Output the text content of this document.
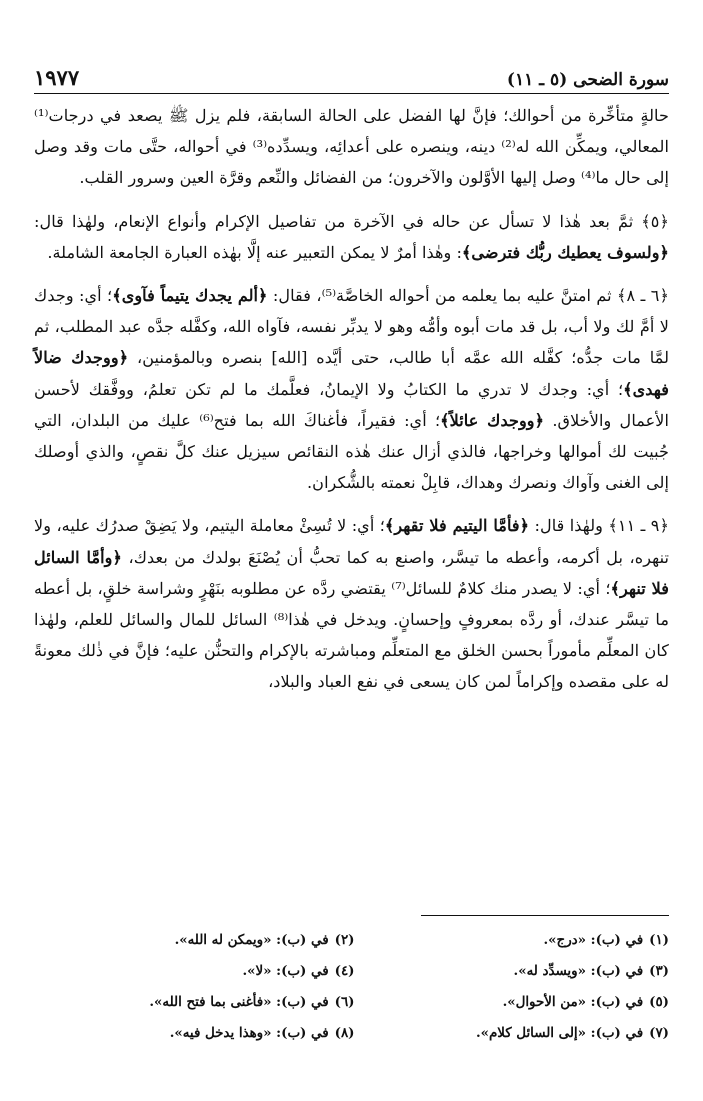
١٩٧٧	سورة الضحى (٥ ـ ١١)

حالةٍ متأخِّرة من أحوالك؛ فإنَّ لها الفضل على الحالة السابقة، فلم يزل ﷺ يصعد في درجات⁽¹⁾ المعالي، ويمكِّن الله له⁽²⁾ دينه، وينصره على أعدائِه، ويسدِّده⁽³⁾ في أحواله، حتَّى مات وقد وصل إلى حال ما⁽⁴⁾ وصل إليها الأوَّلون والآخرون؛ من الفضائل والنِّعم وقرَّة العين وسرور القلب.

﴿٥﴾ ثمَّ بعد هٰذا لا تسأل عن حاله في الآخرة من تفاصيل الإكرام وأنواع الإنعام، ولهٰذا قال: ﴿ولسوف يعطيك ربُّك فترضى﴾: وهٰذا أمرٌ لا يمكن التعبير عنه إلَّا بهٰذه العبارة الجامعة الشاملة.

﴿٦ ـ ٨﴾ ثم امتنَّ عليه بما يعلمه من أحواله الخاصَّة⁽⁵⁾، فقال: ﴿ألم يجدك يتيماً فآوى﴾؛ أي: وجدك لا أمَّ لك ولا أب، بل قد مات أبوه وأمُّه وهو لا يدبِّر نفسه، فآواه الله، وكفَّله جدَّه عبد المطلب، ثم لمَّا مات جدُّه؛ كفَّله الله عمَّه أبا طالب، حتى أيَّده [الله] بنصره وبالمؤمنين، ﴿ووجدك ضالاً فهدى﴾؛ أي: وجدك لا تدري ما الكتابُ ولا الإيمانُ، فعلَّمك ما لم تكن تعلمُ، ووفَّقك لأحسن الأعمال والأخلاق. ﴿ووجدك عائلاً﴾؛ أي: فقيراً، فأغناكَ الله بما فتح⁽⁶⁾ عليك من البلدان، التي جُبيت لك أموالها وخراجها، فالذي أزال عنك هٰذه النقائص سيزيل عنك كلَّ نقصٍ، والذي أوصلك إلى الغنى وآواك ونصرك وهداك، قابِلْ نعمته بالشُّكران.

﴿٩ ـ ١١﴾ ولهٰذا قال: ﴿فأمَّا اليتيم فلا تقهر﴾؛ أي: لا تُسِئْ معاملة اليتيم، ولا يَضِقْ صدرُك عليه، ولا تنهره، بل أكرمه، وأعطه ما تيسَّر، واصنع به كما تحبُّ أن يُصْنَعَ بولدك من بعدك، ﴿وأمَّا السائل فلا تنهر﴾؛ أي: لا يصدر منك كلامٌ للسائل⁽⁷⁾ يقتضي ردَّه عن مطلوبه بنَهْرٍ وشراسة خلقٍ، بل أعطه ما تيسَّر عندك، أو ردَّه بمعروفٍ وإحسانٍ. ويدخل في هٰذا⁽⁸⁾ السائل للمال والسائل للعلم، ولهٰذا كان المعلِّم مأموراً بحسن الخلق مع المتعلِّم ومباشرته بالإكرام والتحنُّن عليه؛ فإنَّ في ذٰلك معونةً له على مقصده وإكراماً لمن كان يسعى في نفع العباد والبلاد،

(١)في (ب): «درج».
(٢)في (ب): «ويمكن له الله».
(٣)في (ب): «ويسدِّد له».
(٤)في (ب): «لا».
(٥)في (ب): «من الأحوال».
(٦)في (ب): «فأغنى بما فتح الله».
(٧)في (ب): «إلى السائل كلام».
(٨)في (ب): «وهذا يدخل فيه».
